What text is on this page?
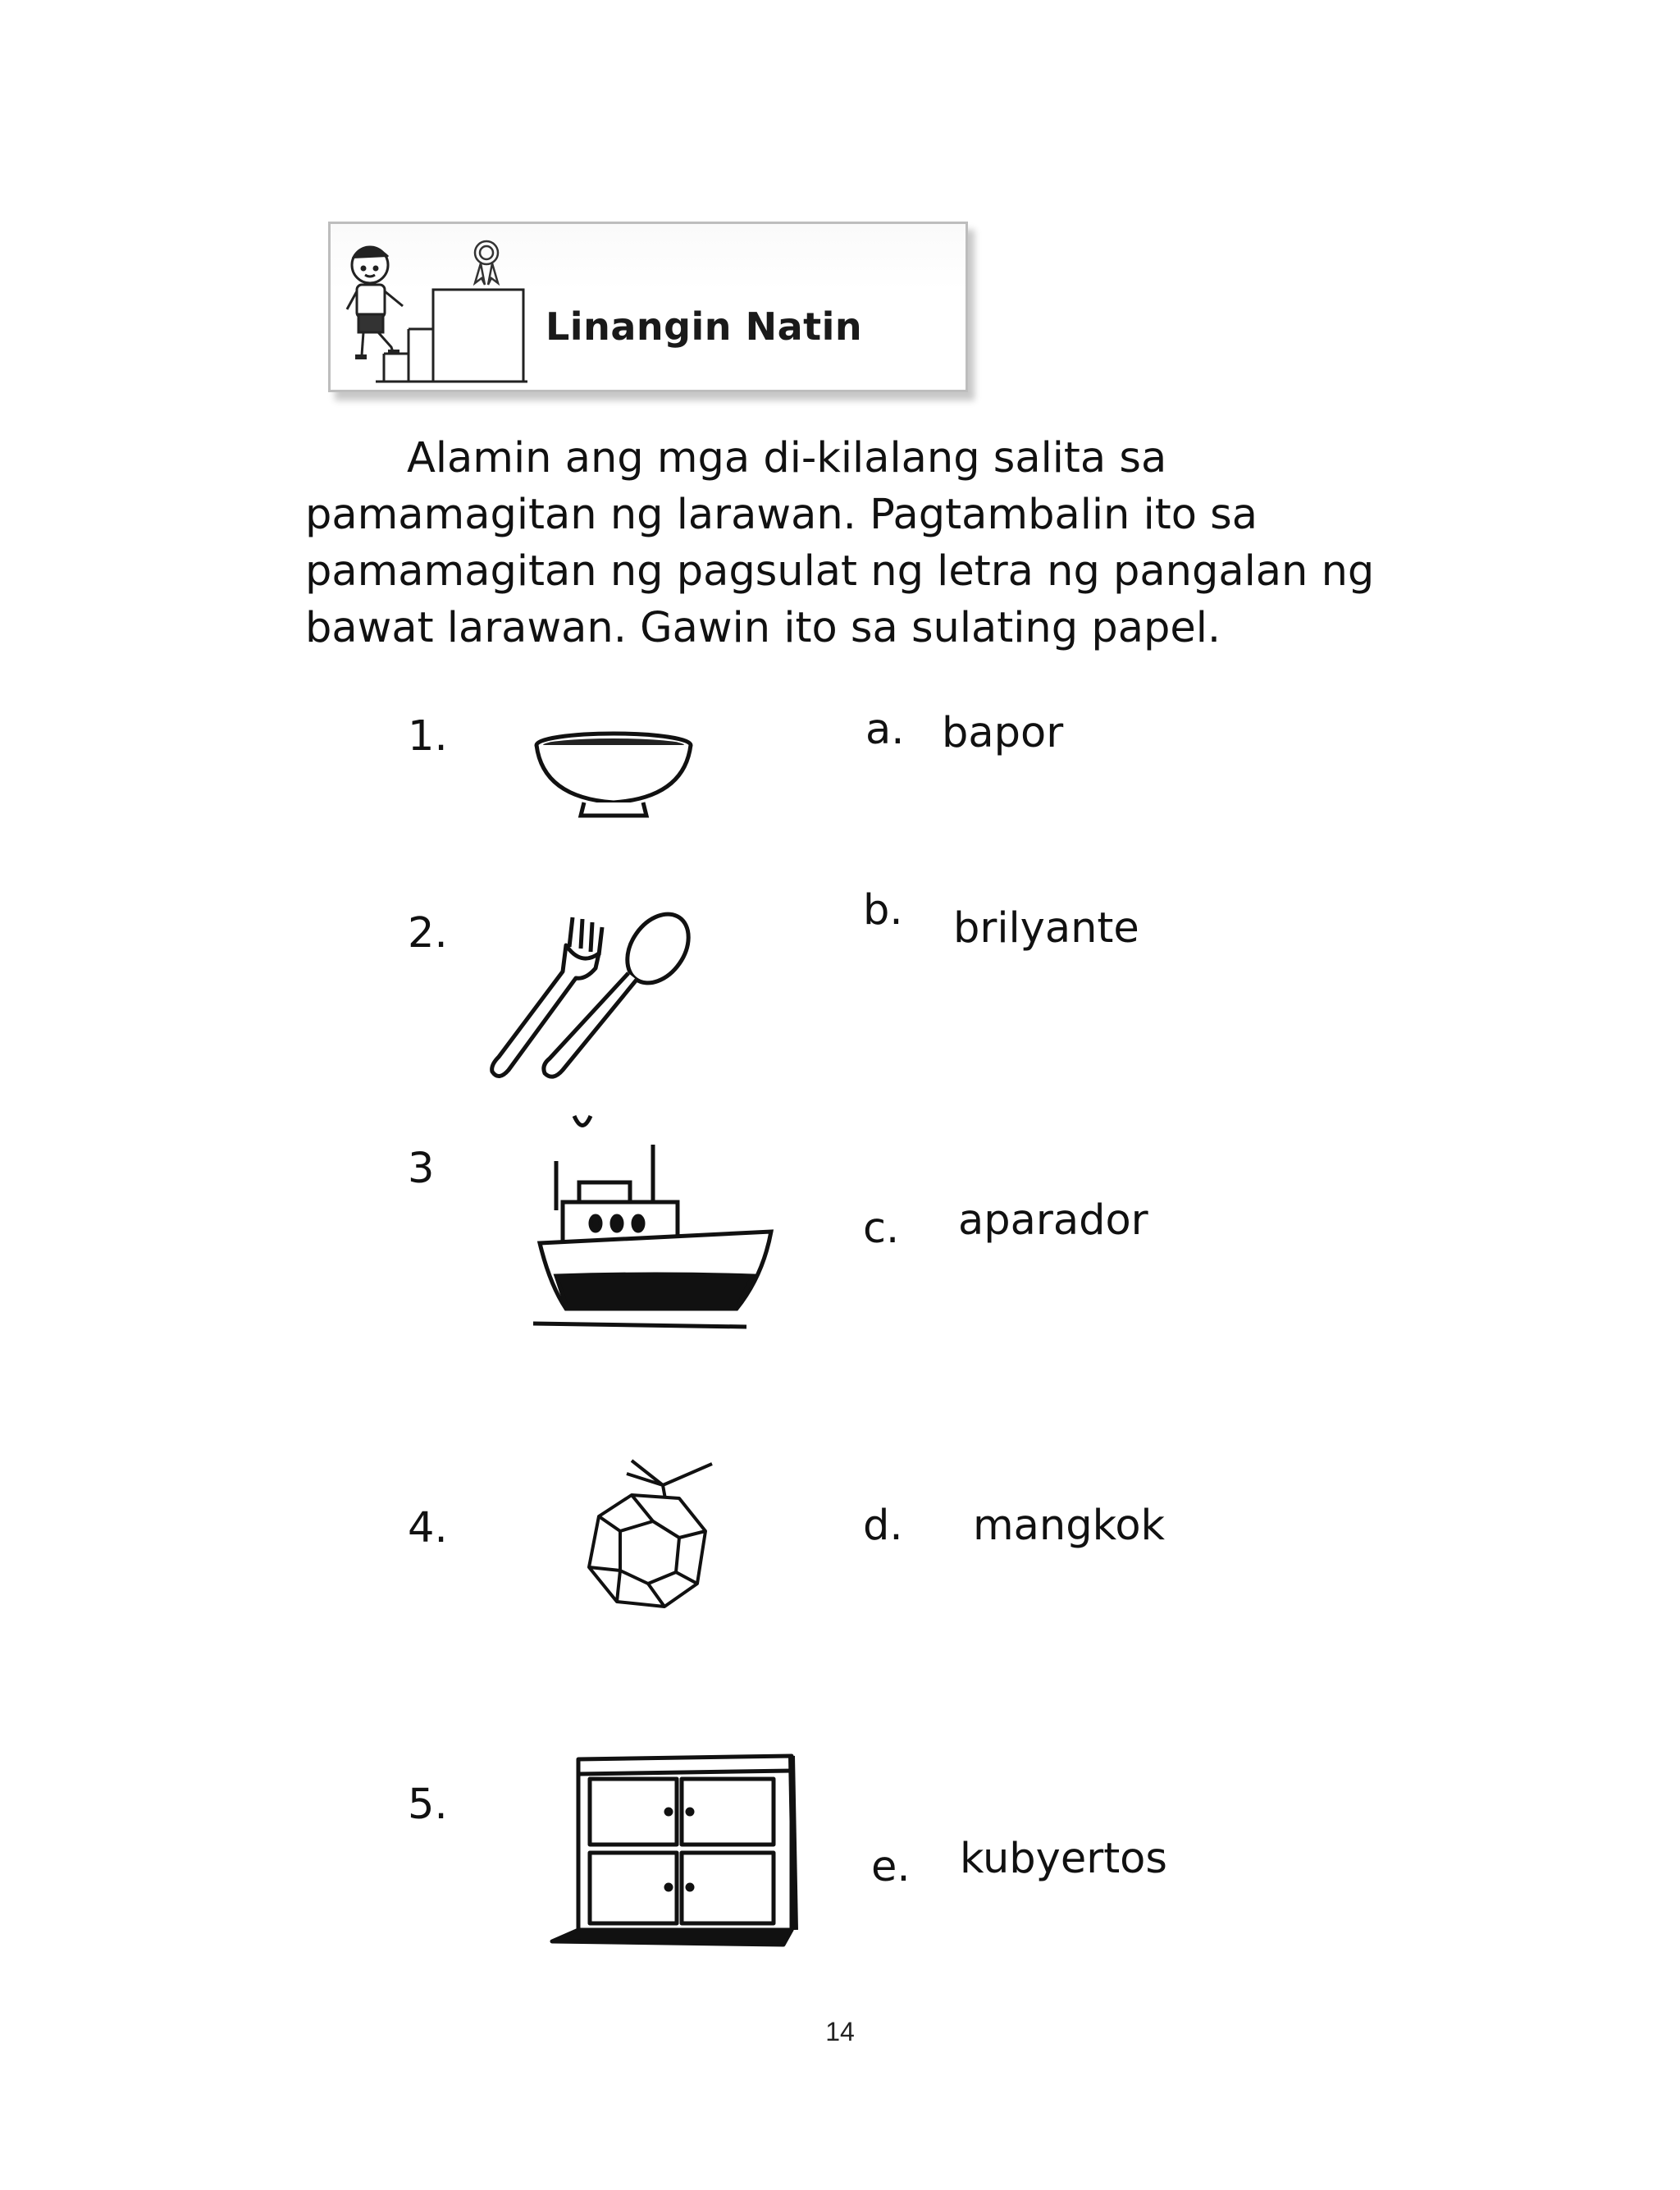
Linangin Natin
Alamin ang mga di-kilalang salita sa
pamamagitan ng larawan. Pagtambalin ito sa
pamamagitan ng pagsulat ng letra ng pangalan ng
bawat larawan. Gawin ito sa sulating papel.
1.
2.
3
4.
5.
a. bapor
b. brilyante
c. aparador
d. mangkok
e. kubyertos
14
